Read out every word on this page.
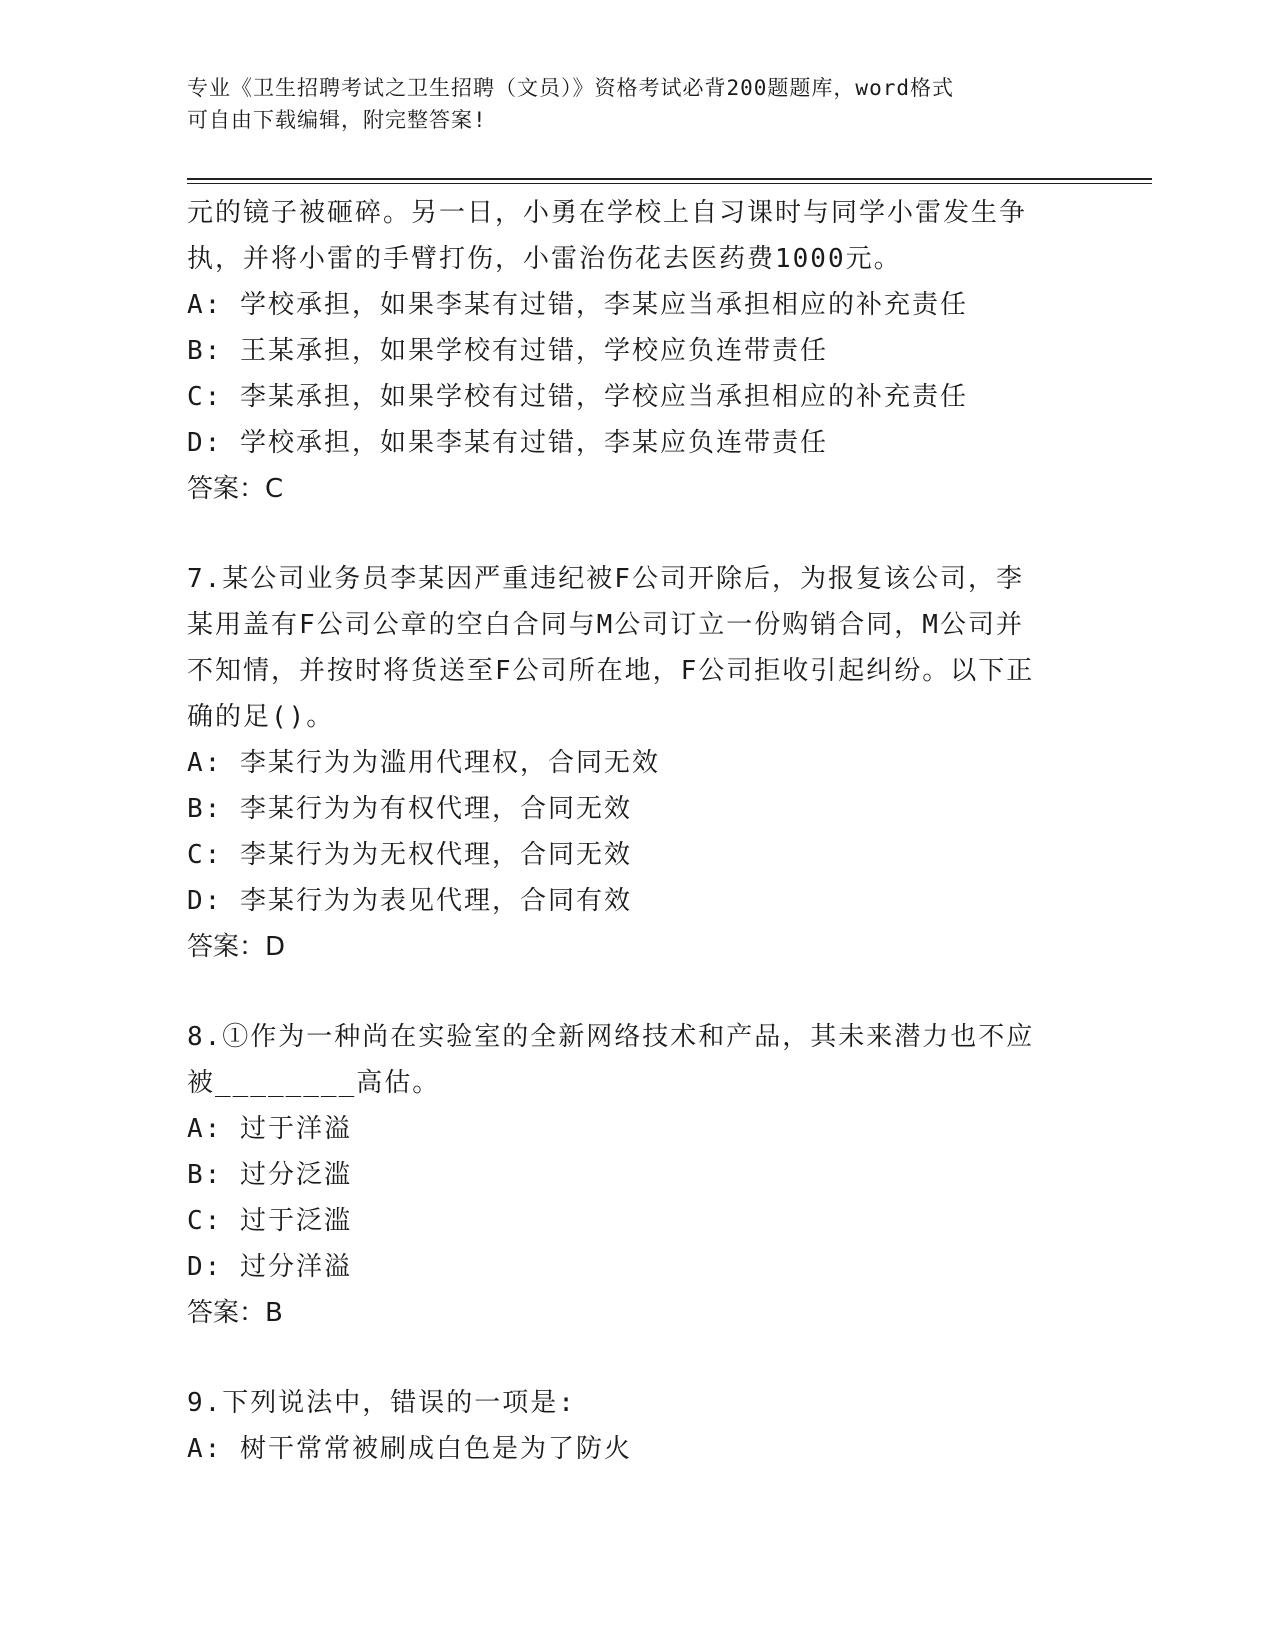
专业《卫生招聘考试之卫生招聘（文员）》资格考试必背200题题库，word格式
可自由下载编辑，附完整答案!
元的镜子被砸碎。另一日，小勇在学校上自习课时与同学小雷发生争
执，并将小雷的手臂打伤，小雷治伤花去医药费1000元。
A: 学校承担，如果李某有过错，李某应当承担相应的补充责任
B: 王某承担，如果学校有过错，学校应负连带责任
C: 李某承担，如果学校有过错，学校应当承担相应的补充责任
D: 学校承担，如果李某有过错，李某应负连带责任
答案：C
7.某公司业务员李某因严重违纪被F公司开除后，为报复该公司，李
某用盖有F公司公章的空白合同与M公司订立一份购销合同，M公司并
不知情，并按时将货送至F公司所在地，F公司拒收引起纠纷。以下正
确的足()。
A: 李某行为为滥用代理权，合同无效
B: 李某行为为有权代理，合同无效
C: 李某行为为无权代理，合同无效
D: 李某行为为表见代理，合同有效
答案：D
8.①作为一种尚在实验室的全新网络技术和产品，其未来潜力也不应
被________高估。
A: 过于洋溢
B: 过分泛滥
C: 过于泛滥
D: 过分洋溢
答案：B
9.下列说法中，错误的一项是:
A: 树干常常被刷成白色是为了防火
